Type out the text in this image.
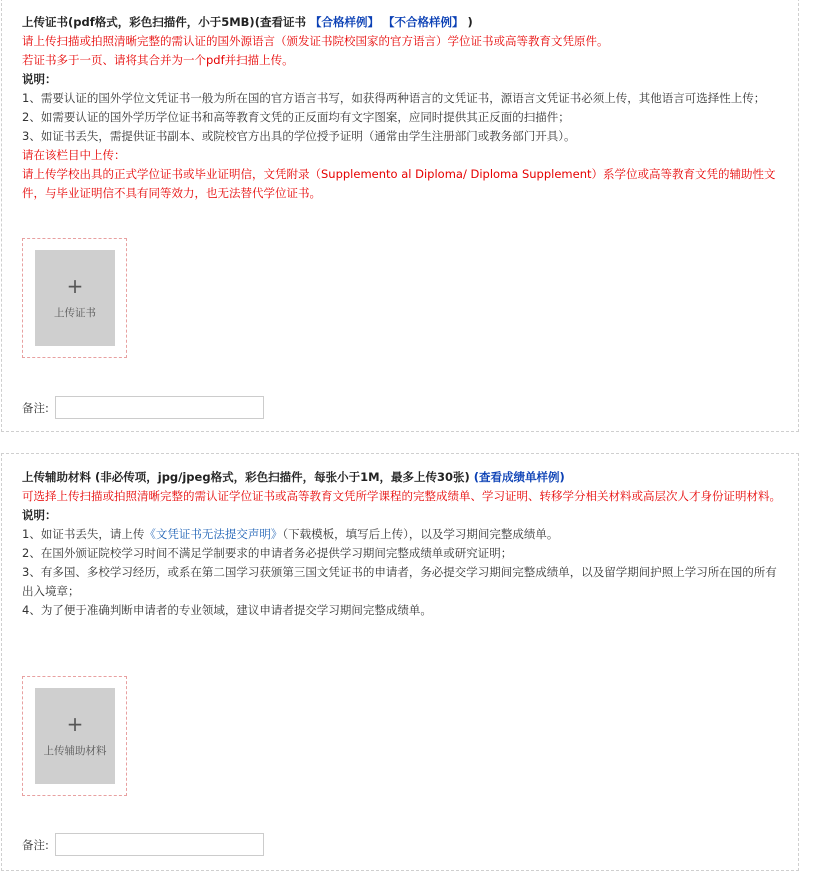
上传证书(pdf格式，彩色扫描件，小于5MB)(查看证书 【合格样例】 【不合格样例】 )
请上传扫描或拍照清晰完整的需认证的国外源语言（颁发证书院校国家的官方语言）学位证书或高等教育文凭原件。
若证书多于一页、请将其合并为一个pdf并扫描上传。
说明：
1、需要认证的国外学位文凭证书一般为所在国的官方语言书写，如获得两种语言的文凭证书，源语言文凭证书必须上传，其他语言可选择性上传；
2、如需要认证的国外学历学位证书和高等教育文凭的正反面均有文字图案，应同时提供其正反面的扫描件；
3、如证书丢失，需提供证书副本、或院校官方出具的学位授予证明（通常由学生注册部门或教务部门开具）。
请在该栏目中上传：
请上传学校出具的正式学位证书或毕业证明信，文凭附录（Supplemento al Diploma/ Diploma Supplement）系学位或高等教育文凭的辅助性文件，与毕业证明信不具有同等效力，也无法替代学位证书。
+
上传证书
备注:
上传辅助材料 (非必传项，jpg/jpeg格式，彩色扫描件，每张小于1M，最多上传30张) (查看成绩单样例)
可选择上传扫描或拍照清晰完整的需认证学位证书或高等教育文凭所学课程的完整成绩单、学习证明、转移学分相关材料或高层次人才身份证明材料。
说明：
1、如证书丢失，请上传《文凭证书无法提交声明》（下载模板，填写后上传），以及学习期间完整成绩单。
2、在国外颁证院校学习时间不满足学制要求的申请者务必提供学习期间完整成绩单或研究证明；
3、有多国、多校学习经历，或系在第二国学习获颁第三国文凭证书的申请者，务必提交学习期间完整成绩单，以及留学期间护照上学习所在国的所有出入境章；
4、为了便于准确判断申请者的专业领域，建议申请者提交学习期间完整成绩单。
+
上传辅助材料
备注:
